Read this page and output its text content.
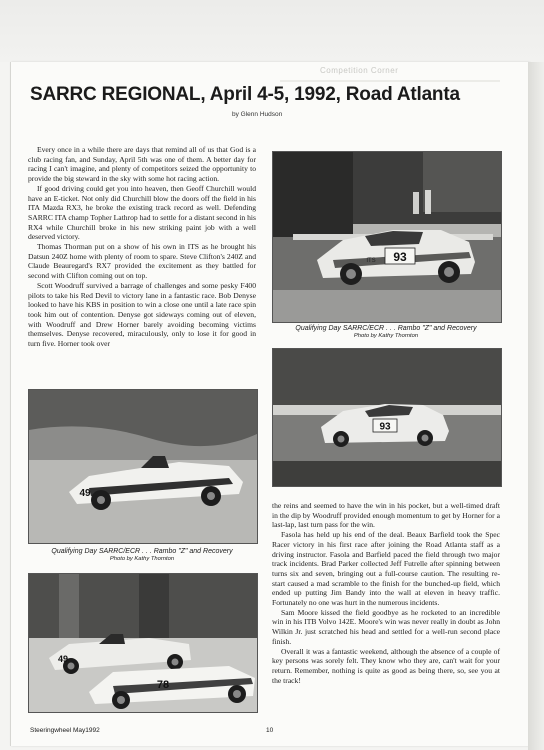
Competition Corner
SARRC REGIONAL, April 4-5, 1992, Road Atlanta
by Glenn Hudson

Every once in a while there are days that remind all of us that God is a club racing fan, and Sunday, April 5th was one of them. A better day for racing I can't imagine, and plenty of competitors seized the opportunity to provide the big steward in the sky with some hot racing action.

If good driving could get you into heaven, then Geoff Churchill would have an E-ticket. Not only did Churchill blow the doors off the field in his ITA Mazda RX3, he broke the existing track record as well. Defending SARRC ITA champ Topher Lathrop had to settle for a distant second in his RX4 while Churchill broke in his new striking paint job with a well deserved victory.

Thomas Thorman put on a show of his own in ITS as he brought his Datsun 240Z home with plenty of room to spare. Steve Clifton's 240Z and Claude Beauregard's RX7 provided the excitement as they battled for second with Clifton coming out on top.

Scott Woodruff survived a barrage of challenges and some pesky F400 pilots to take his Red Devil to victory lane in a fantastic race. Bob Denyse looked to have his KBS in position to win a close one until a late race spin took him out of contention. Denyse got sideways coming out of eleven, with Woodruff and Drew Horner barely avoiding becoming victims themselves. Denyse recovered, miraculously, only to lose it for good in turn five. Horner took over

93
ITS
Qualifying Day SARRC/ECR . . . Rambo "Z" and Recovery
Photo by Kathy Thornton
93
49
Qualifying Day SARRC/ECR . . . Rambo "Z" and Recovery
Photo by Kathy Thornton
49
78

the reins and seemed to have the win in his pocket, but a well-timed draft in the dip by Woodruff provided enough momentum to get by Horner for a last-lap, last turn pass for the win.

Fasola has held up his end of the deal. Beaux Barfield took the Spec Racer victory in his first race after joining the Road Atlanta staff as a driving instructor. Fasola and Barfield paced the field through two major track incidents. Brad Parker collected Jeff Futrelle after spinning between turns six and seven, bringing out a full-course caution. The resulting re-start caused a mad scramble to the finish for the bunched-up field, which ended up putting Jim Bandy into the wall at eleven in heavy traffic. Fortunately no one was hurt in the numerous incidents.

Sam Moore kissed the field goodbye as he rocketed to an incredible win in his ITB Volvo 142E. Moore's win was never really in doubt as John Wilkin Jr. just scratched his head and settled for a well-run second place finish.

Overall it was a fantastic weekend, although the absence of a couple of key persons was sorely felt. They know who they are, can't wait for your return. Remember, nothing is quite as good as being there, so, see you at the track!

Steeringwheel May1992	10
